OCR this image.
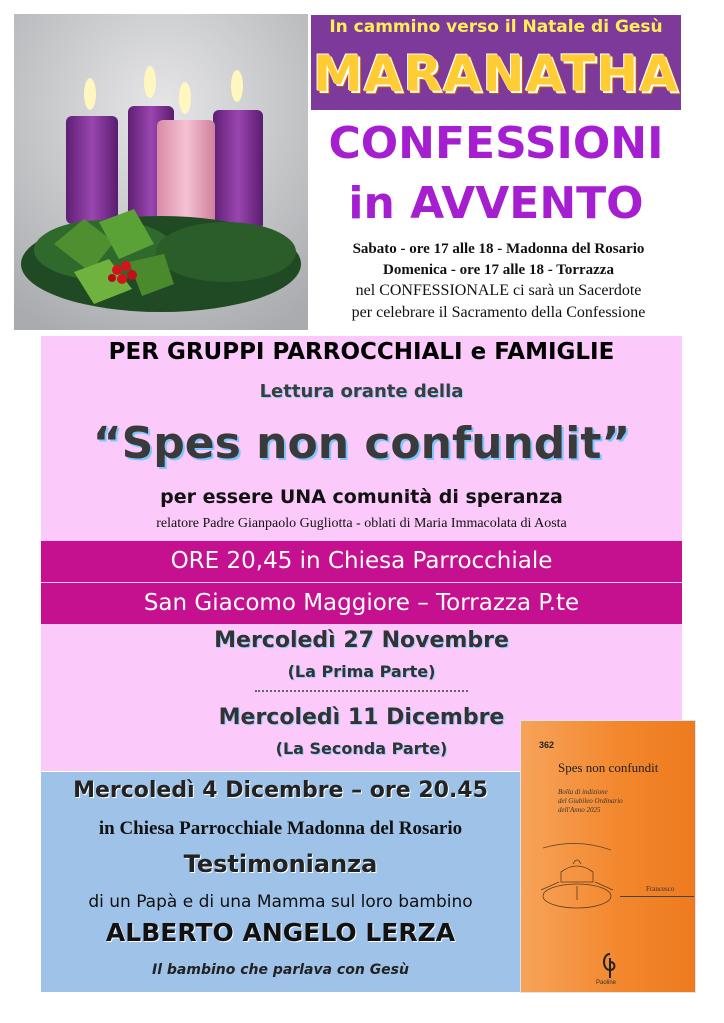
In cammino verso il Natale di Gesù
MARANATHA
CONFESSIONI
in AVVENTO
Sabato - ore 17 alle 18 - Madonna del Rosario
Domenica - ore 17 alle 18 - Torrazza
nel CONFESSIONALE ci sarà un Sacerdote
per celebrare il Sacramento della Confessione
PER GRUPPI PARROCCHIALI e FAMIGLIE
Lettura orante della
“Spes non confundit”
per essere UNA comunità di speranza
relatore Padre Gianpaolo Gugliotta - oblati di Maria Immacolata di Aosta
ORE 20,45 in Chiesa Parrocchiale
San Giacomo Maggiore – Torrazza P.te
Mercoledì 27 Novembre
(La Prima Parte)
Mercoledì 11 Dicembre
(La Seconda Parte)
Mercoledì 4 Dicembre – ore 20.45
in Chiesa Parrocchiale Madonna del Rosario
Testimonianza
di un Papà e di una Mamma sul loro bambino
ALBERTO ANGELO LERZA
Il bambino che parlava con Gesù
362
Spes non confundit
Bolla di indizione
del Giubileo Ordinario
dell'Anno 2025
Francesco
Paoline
